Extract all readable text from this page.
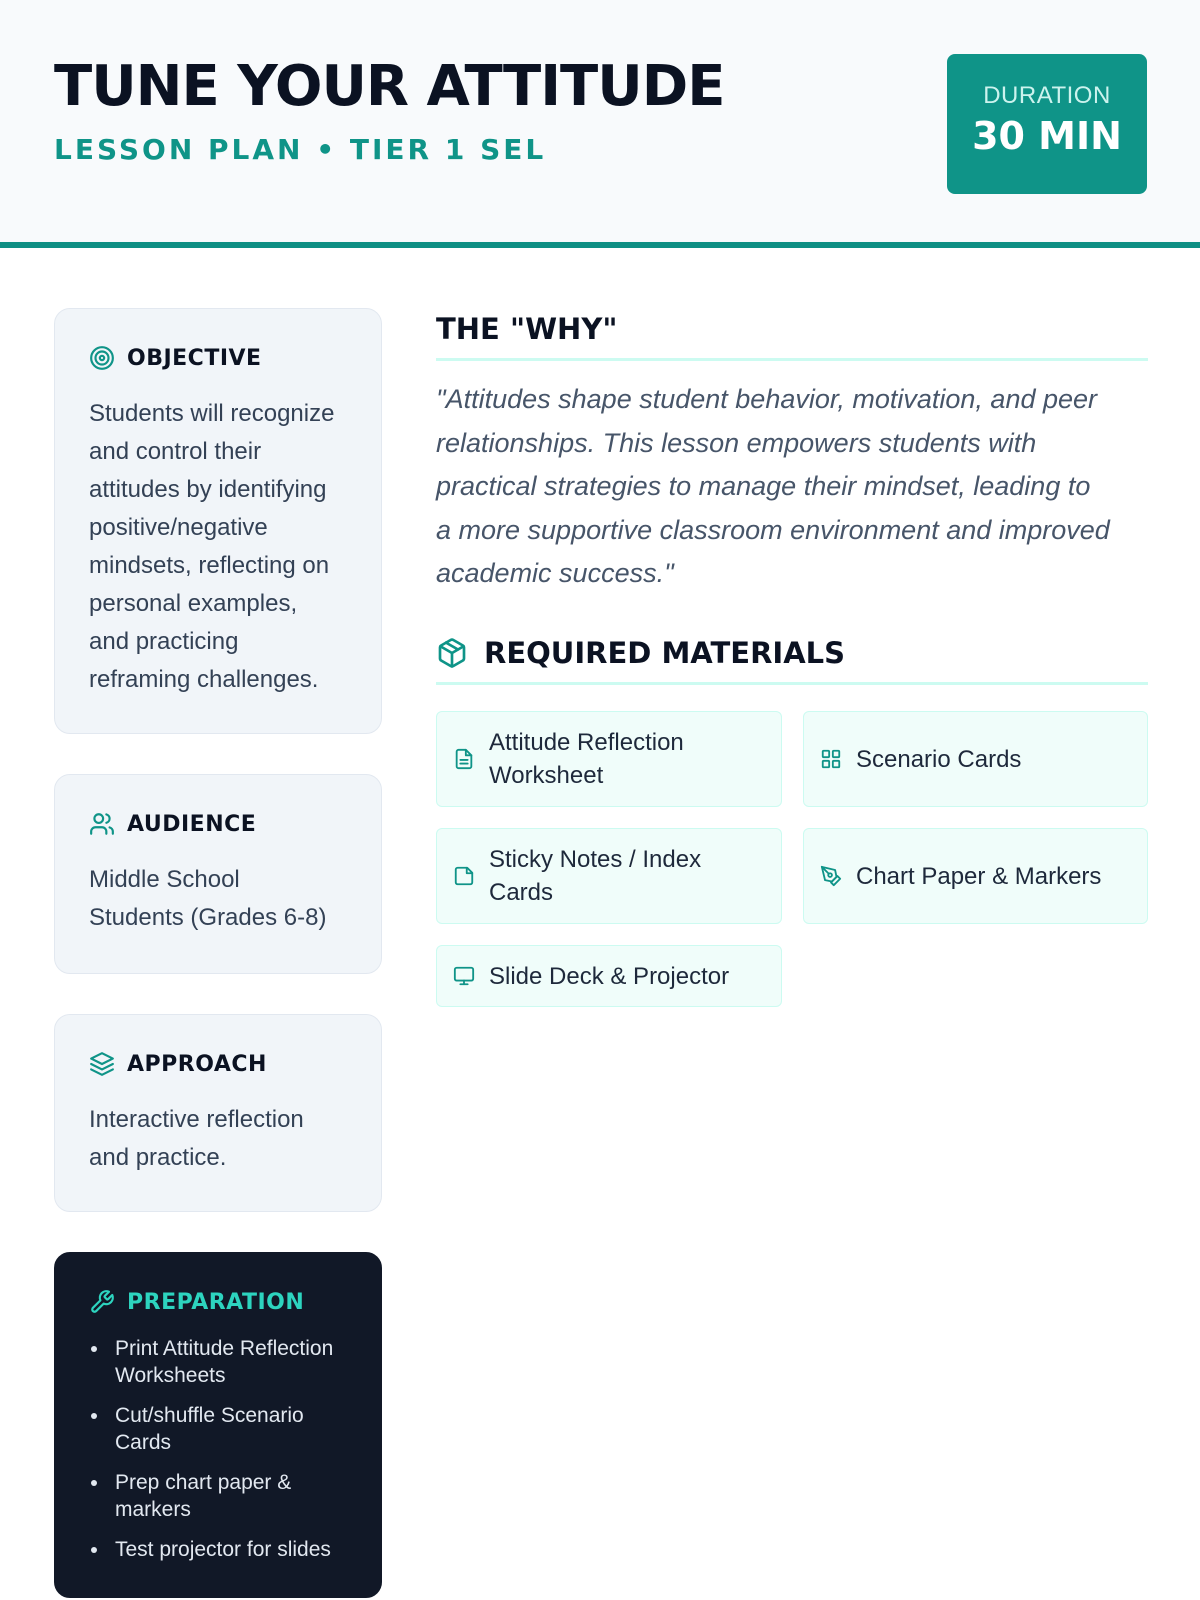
TUNE YOUR ATTITUDE
LESSON PLAN • TIER 1 SEL
DURATION
30 MIN
OBJECTIVE
Students will recognize
and control their
attitudes by identifying
positive/negative
mindsets, reflecting on
personal examples,
and practicing
reframing challenges.
AUDIENCE
Middle School
Students (Grades 6-8)
APPROACH
Interactive reflection
and practice.
PREPARATION
Print Attitude Reflection
Worksheets
Cut/shuffle Scenario
Cards
Prep chart paper &
markers
Test projector for slides
THE "WHY"
"Attitudes shape student behavior, motivation, and peer
relationships. This lesson empowers students with
practical strategies to manage their mindset, leading to
a more supportive classroom environment and improved
academic success."
REQUIRED MATERIALS
Attitude Reflection
Worksheet
Scenario Cards
Sticky Notes / Index
Cards
Chart Paper & Markers
Slide Deck & Projector
